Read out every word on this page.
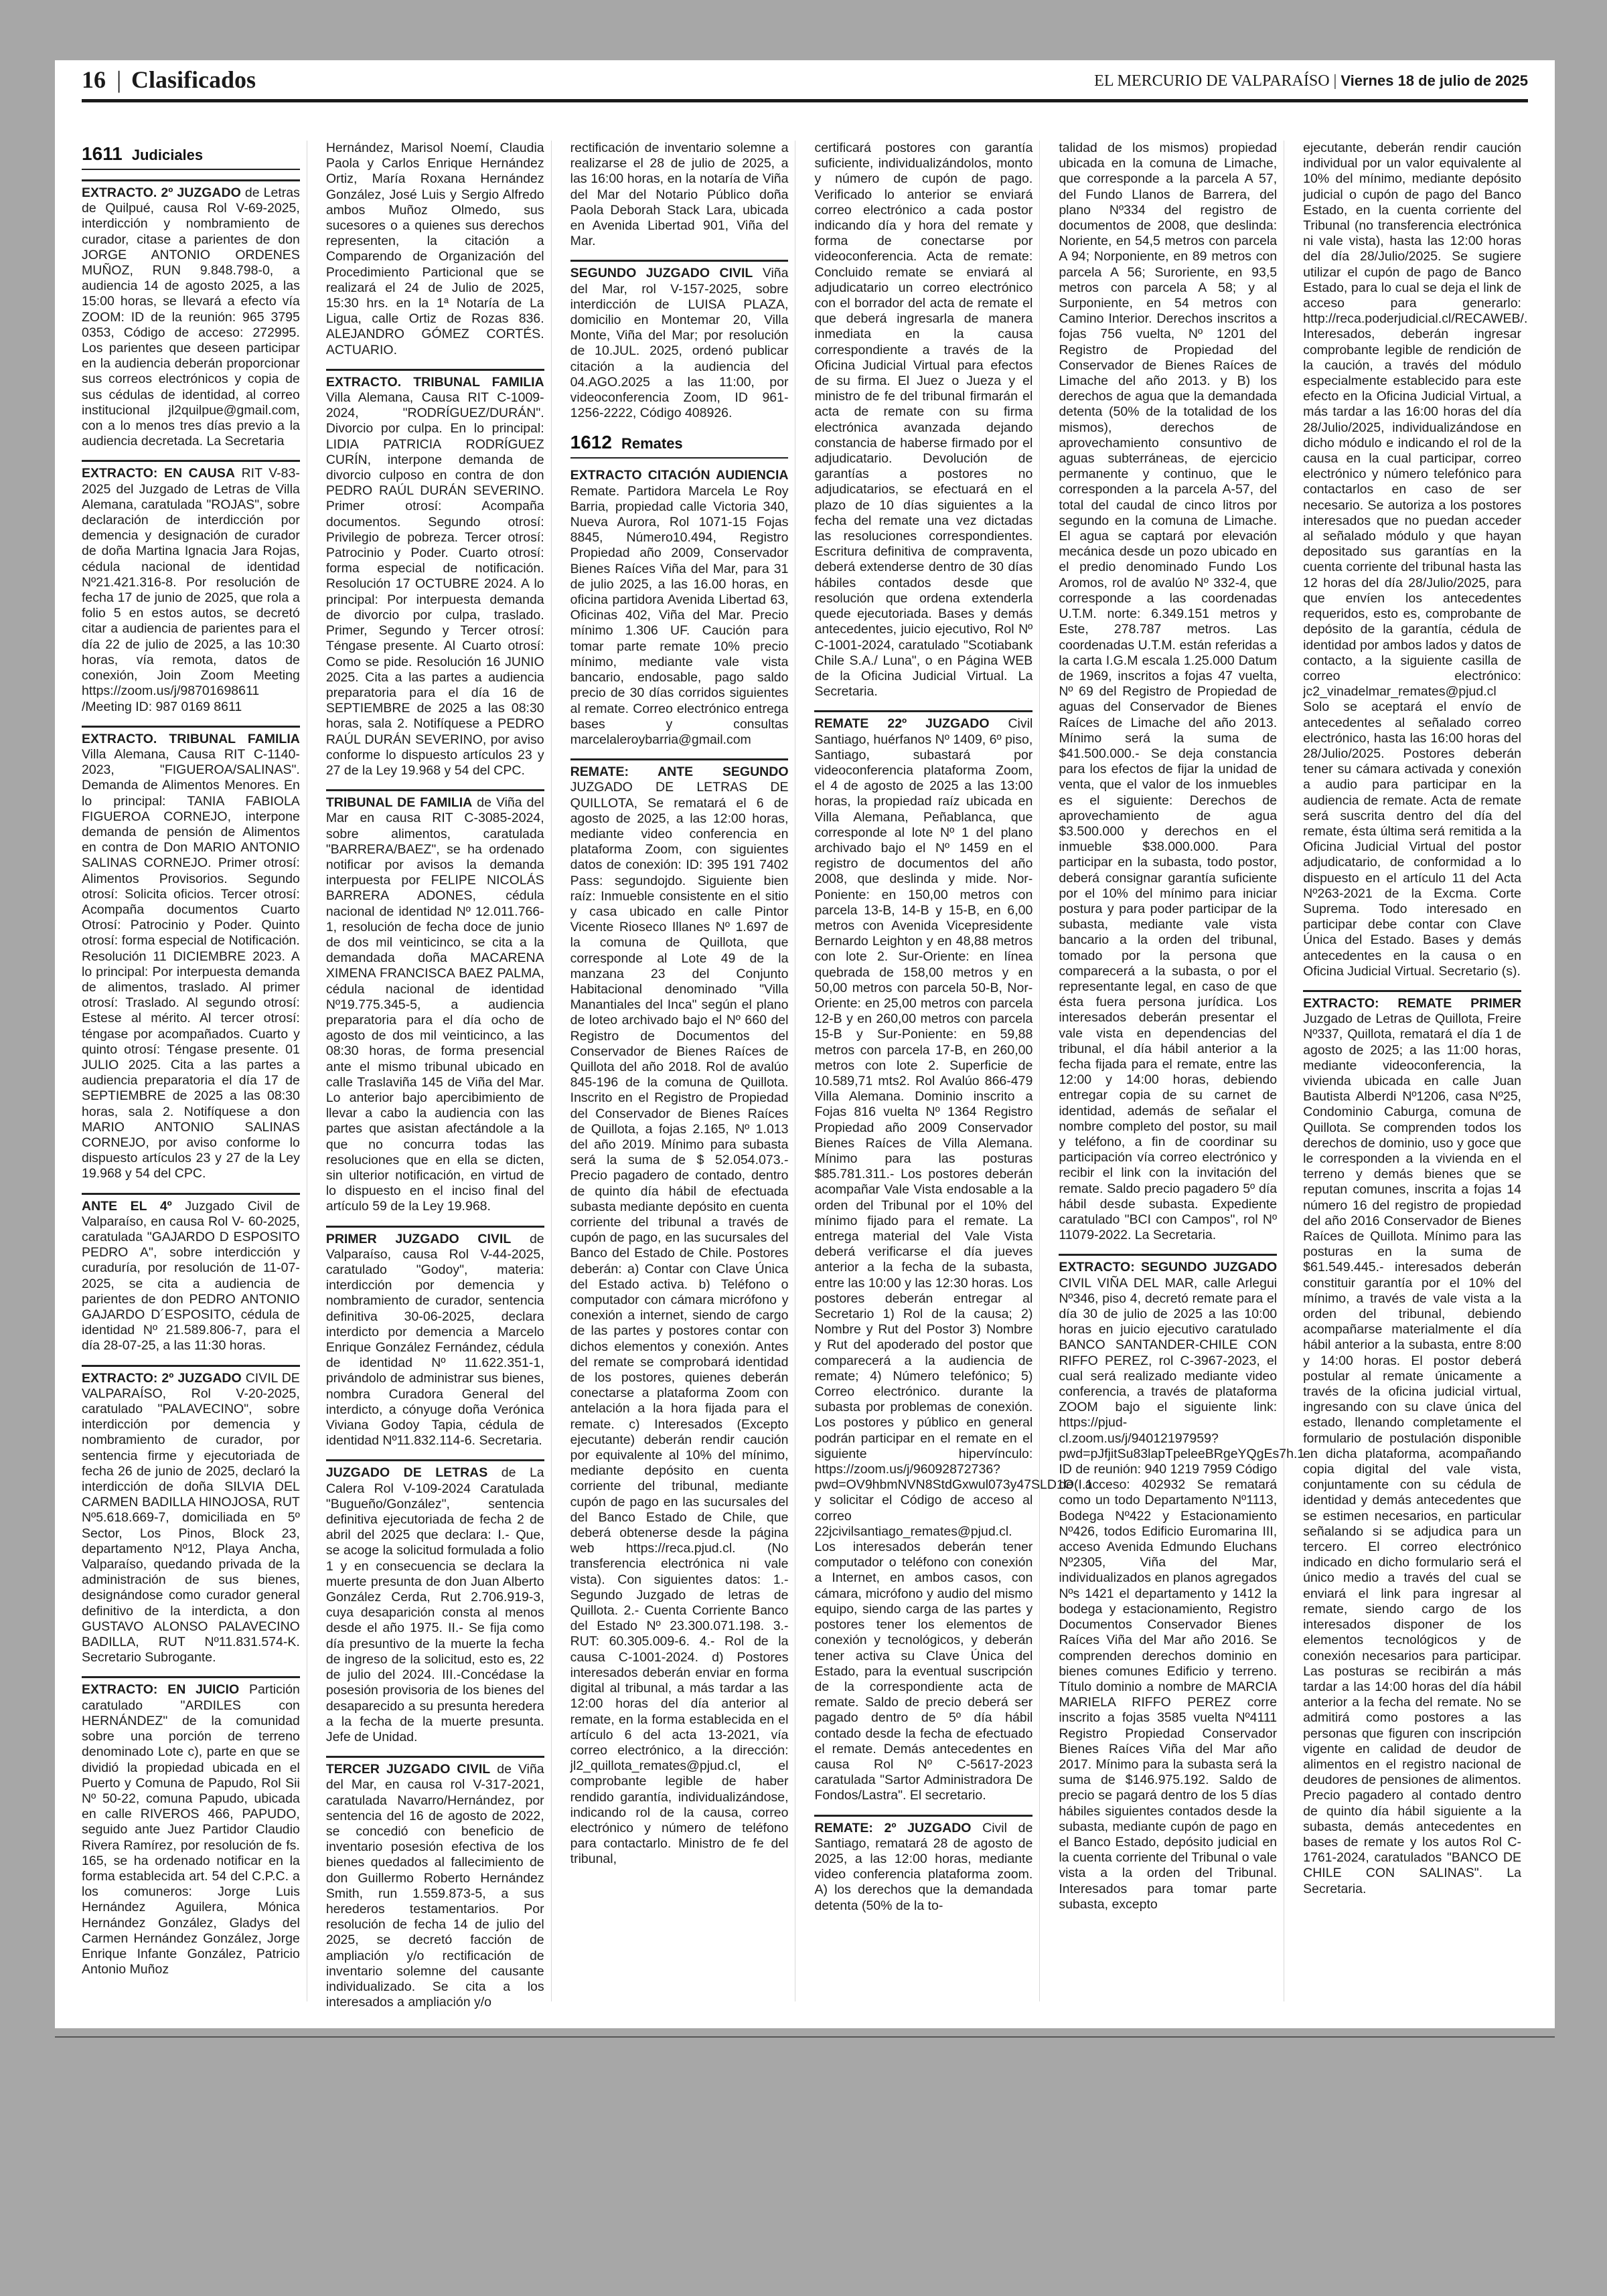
16 | Clasificados	EL MERCURIO DE VALPARAÍSO | Viernes 18 de julio de 2025
1611 Judiciales

EXTRACTO. 2º JUZGADO de Letras de Quilpué, causa Rol V-69-2025, interdicción y nombramiento de curador, citase a parientes de don JORGE ANTONIO ORDENES MUÑOZ, RUN 9.848.798-0, a audiencia 14 de agosto 2025, a las 15:00 horas, se llevará a efecto vía ZOOM: ID de la reunión: 965 3795 0353, Código de acceso: 272995. Los parientes que deseen participar en la audiencia deberán proporcionar sus correos electrónicos y copia de sus cédulas de identidad, al correo institucional jl2quilpue@gmail.com, con a lo menos tres días previo a la audiencia decretada. La Secretaria

EXTRACTO: EN CAUSA RIT V-83-2025 del Juzgado de Letras de Villa Alemana, caratulada "ROJAS", sobre declaración de interdicción por demencia y designación de curador de doña Martina Ignacia Jara Rojas, cédula nacional de identidad Nº21.421.316-8. Por resolución de fecha 17 de junio de 2025, que rola a folio 5 en estos autos, se decretó citar a audiencia de parientes para el día 22 de julio de 2025, a las 10:30 horas, vía remota, datos de conexión, Join Zoom Meeting https://zoom.us/j/98701698611 /Meeting ID: 987 0169 8611

EXTRACTO. TRIBUNAL FAMILIA Villa Alemana, Causa RIT C-1140-2023, "FIGUEROA/SALINAS". Demanda de Alimentos Menores. En lo principal: TANIA FABIOLA FIGUEROA CORNEJO, interpone demanda de pensión de Alimentos en contra de Don MARIO ANTONIO SALINAS CORNEJO. Primer otrosí: Alimentos Provisorios. Segundo otrosí: Solicita oficios. Tercer otrosí: Acompaña documentos Cuarto Otrosí: Patrocinio y Poder. Quinto otrosí: forma especial de Notificación. Resolución 11 DICIEMBRE 2023. A lo principal: Por interpuesta demanda de alimentos, traslado. Al primer otrosí: Traslado. Al segundo otrosí: Estese al mérito. Al tercer otrosí: téngase por acompañados. Cuarto y quinto otrosí: Téngase presente. 01 JULIO 2025. Cita a las partes a audiencia preparatoria el día 17 de SEPTIEMBRE de 2025 a las 08:30 horas, sala 2. Notifíquese a don MARIO ANTONIO SALINAS CORNEJO, por aviso conforme lo dispuesto artículos 23 y 27 de la Ley 19.968 y 54 del CPC.

ANTE EL 4º Juzgado Civil de Valparaíso, en causa Rol V- 60-2025, caratulada "GAJARDO D ESPOSITO PEDRO A", sobre interdicción y curaduría, por resolución de 11-07-2025, se cita a audiencia de parientes de don PEDRO ANTONIO GAJARDO D´ESPOSITO, cédula de identidad Nº 21.589.806-7, para el día 28-07-25, a las 11:30 horas.

EXTRACTO: 2º JUZGADO CIVIL DE VALPARAÍSO, Rol V-20-2025, caratulado "PALAVECINO", sobre interdicción por demencia y nombramiento de curador, por sentencia firme y ejecutoriada de fecha 26 de junio de 2025, declaró la interdicción de doña SILVIA DEL CARMEN BADILLA HINOJOSA, RUT Nº5.618.669-7, domiciliada en 5º Sector, Los Pinos, Block 23, departamento Nº12, Playa Ancha, Valparaíso, quedando privada de la administración de sus bienes, designándose como curador general definitivo de la interdicta, a don GUSTAVO ALONSO PALAVECINO BADILLA, RUT Nº11.831.574-K. Secretario Subrogante.

EXTRACTO: EN JUICIO Partición caratulado "ARDILES con HERNÁNDEZ" de la comunidad sobre una porción de terreno denominado Lote c), parte en que se dividió la propiedad ubicada en el Puerto y Comuna de Papudo, Rol Sii Nº 50-22, comuna Papudo, ubicada en calle RIVEROS 466, PAPUDO, seguido ante Juez Partidor Claudio Rivera Ramírez, por resolución de fs. 165, se ha ordenado notificar en la forma establecida art. 54 del C.P.C. a los comuneros: Jorge Luis Hernández Aguilera, Mónica Hernández González, Gladys del Carmen Hernández González, Jorge Enrique Infante González, Patricio Antonio Muñoz

Hernández, Marisol Noemí, Claudia Paola y Carlos Enrique Hernández Ortiz, María Roxana Hernández González, José Luis y Sergio Alfredo ambos Muñoz Olmedo, sus sucesores o a quienes sus derechos representen, la citación a Comparendo de Organización del Procedimiento Particional que se realizará el 24 de Julio de 2025, 15:30 hrs. en la 1ª Notaría de La Ligua, calle Ortiz de Rozas 836. ALEJANDRO GÓMEZ CORTÉS. ACTUARIO.

EXTRACTO. TRIBUNAL FAMILIA Villa Alemana, Causa RIT C-1009-2024, "RODRÍGUEZ/DURÁN". Divorcio por culpa. En lo principal: LIDIA PATRICIA RODRÍGUEZ CURÍN, interpone demanda de divorcio culposo en contra de don PEDRO RAÚL DURÁN SEVERINO. Primer otrosí: Acompaña documentos. Segundo otrosí: Privilegio de pobreza. Tercer otrosí: Patrocinio y Poder. Cuarto otrosí: forma especial de notificación. Resolución 17 OCTUBRE 2024. A lo principal: Por interpuesta demanda de divorcio por culpa, traslado. Primer, Segundo y Tercer otrosí: Téngase presente. Al Cuarto otrosí: Como se pide. Resolución 16 JUNIO 2025. Cita a las partes a audiencia preparatoria para el día 16 de SEPTIEMBRE de 2025 a las 08:30 horas, sala 2. Notifíquese a PEDRO RAÚL DURÁN SEVERINO, por aviso conforme lo dispuesto artículos 23 y 27 de la Ley 19.968 y 54 del CPC.

TRIBUNAL DE FAMILIA de Viña del Mar en causa RIT C-3085-2024, sobre alimentos, caratulada "BARRERA/BAEZ", se ha ordenado notificar por avisos la demanda interpuesta por FELIPE NICOLÁS BARRERA ADONES, cédula nacional de identidad Nº 12.011.766-1, resolución de fecha doce de junio de dos mil veinticinco, se cita a la demandada doña MACARENA XIMENA FRANCISCA BAEZ PALMA, cédula nacional de identidad Nº19.775.345-5, a audiencia preparatoria para el día ocho de agosto de dos mil veinticinco, a las 08:30 horas, de forma presencial ante el mismo tribunal ubicado en calle Traslaviña 145 de Viña del Mar. Lo anterior bajo apercibimiento de llevar a cabo la audiencia con las partes que asistan afectándole a la que no concurra todas las resoluciones que en ella se dicten, sin ulterior notificación, en virtud de lo dispuesto en el inciso final del artículo 59 de la Ley 19.968.

PRIMER JUZGADO CIVIL de Valparaíso, causa Rol V-44-2025, caratulado "Godoy", materia: interdicción por demencia y nombramiento de curador, sentencia definitiva 30-06-2025, declara interdicto por demencia a Marcelo Enrique González Fernández, cédula de identidad Nº 11.622.351-1, privándolo de administrar sus bienes, nombra Curadora General del interdicto, a cónyuge doña Verónica Viviana Godoy Tapia, cédula de identidad Nº11.832.114-6. Secretaria.

JUZGADO DE LETRAS de La Calera Rol V-109-2024 Caratulada "Bugueño/González", sentencia definitiva ejecutoriada de fecha 2 de abril del 2025 que declara: I.- Que, se acoge la solicitud formulada a folio 1 y en consecuencia se declara la muerte presunta de don Juan Alberto González Cerda, Rut 2.706.919-3, cuya desaparición consta al menos desde el año 1975. II.- Se fija como día presuntivo de la muerte la fecha de ingreso de la solicitud, esto es, 22 de julio del 2024. III.-Concédase la posesión provisoria de los bienes del desaparecido a su presunta heredera a la fecha de la muerte presunta. Jefe de Unidad.

TERCER JUZGADO CIVIL de Viña del Mar, en causa rol V-317-2021, caratulada Navarro/Hernández, por sentencia del 16 de agosto de 2022, se concedió con beneficio de inventario posesión efectiva de los bienes quedados al fallecimiento de don Guillermo Roberto Hernández Smith, run 1.559.873-5, a sus herederos testamentarios. Por resolución de fecha 14 de julio del 2025, se decretó facción de ampliación y/o rectificación de inventario solemne del causante individualizado. Se cita a los interesados a ampliación y/o

rectificación de inventario solemne a realizarse el 28 de julio de 2025, a las 16:00 horas, en la notaría de Viña del Mar del Notario Público doña Paola Deborah Stack Lara, ubicada en Avenida Libertad 901, Viña del Mar.

SEGUNDO JUZGADO CIVIL Viña del Mar, rol V-157-2025, sobre interdicción de LUISA PLAZA, domicilio en Montemar 20, Villa Monte, Viña del Mar; por resolución de 10.JUL. 2025, ordenó publicar citación a la audiencia del 04.AGO.2025 a las 11:00, por videoconferencia Zoom, ID 961-1256-2222, Código 408926.

1612 Remates

EXTRACTO CITACIÓN AUDIENCIA Remate. Partidora Marcela Le Roy Barria, propiedad calle Victoria 340, Nueva Aurora, Rol 1071-15 Fojas 8845, Número10.494, Registro Propiedad año 2009, Conservador Bienes Raíces Viña del Mar, para 31 de julio 2025, a las 16.00 horas, en oficina partidora Avenida Libertad 63, Oficinas 402, Viña del Mar. Precio mínimo 1.306 UF. Caución para tomar parte remate 10% precio mínimo, mediante vale vista bancario, endosable, pago saldo precio de 30 días corridos siguientes al remate. Correo electrónico entrega bases y consultas marcelaleroybarria@gmail.com

REMATE: ANTE SEGUNDO JUZGADO DE LETRAS DE QUILLOTA, Se rematará el 6 de agosto de 2025, a las 12:00 horas, mediante video conferencia en plataforma Zoom, con siguientes datos de conexión: ID: 395 191 7402 Pass: segundojdo. Siguiente bien raíz: Inmueble consistente en el sitio y casa ubicado en calle Pintor Vicente Rioseco Illanes Nº 1.697 de la comuna de Quillota, que corresponde al Lote 49 de la manzana 23 del Conjunto Habitacional denominado "Villa Manantiales del Inca" según el plano de loteo archivado bajo el Nº 660 del Registro de Documentos del Conservador de Bienes Raíces de Quillota del año 2018. Rol de avalúo 845-196 de la comuna de Quillota. Inscrito en el Registro de Propiedad del Conservador de Bienes Raíces de Quillota, a fojas 2.165, Nº 1.013 del año 2019. Mínimo para subasta será la suma de $ 52.054.073.- Precio pagadero de contado, dentro de quinto día hábil de efectuada subasta mediante depósito en cuenta corriente del tribunal a través de cupón de pago, en las sucursales del Banco del Estado de Chile. Postores deberán: a) Contar con Clave Única del Estado activa. b) Teléfono o computador con cámara micrófono y conexión a internet, siendo de cargo de las partes y postores contar con dichos elementos y conexión. Antes del remate se comprobará identidad de los postores, quienes deberán conectarse a plataforma Zoom con antelación a la hora fijada para el remate. c) Interesados (Excepto ejecutante) deberán rendir caución por equivalente al 10% del mínimo, mediante depósito en cuenta corriente del tribunal, mediante cupón de pago en las sucursales del del Banco Estado de Chile, que deberá obtenerse desde la página web https://reca.pjud.cl. (No transferencia electrónica ni vale vista). Con siguientes datos: 1.- Segundo Juzgado de letras de Quillota. 2.- Cuenta Corriente Banco del Estado Nº 23.300.071.198. 3.- RUT: 60.305.009-6. 4.- Rol de la causa C-1001-2024. d) Postores interesados deberán enviar en forma digital al tribunal, a más tardar a las 12:00 horas del día anterior al remate, en la forma establecida en el artículo 6 del acta 13-2021, vía correo electrónico, a la dirección: jl2_quillota_remates@pjud.cl, el comprobante legible de haber rendido garantía, individualizándose, indicando rol de la causa, correo electrónico y número de teléfono para contactarlo. Ministro de fe del tribunal,

certificará postores con garantía suficiente, individualizándolos, monto y número de cupón de pago. Verificado lo anterior se enviará correo electrónico a cada postor indicando día y hora del remate y forma de conectarse por videoconferencia. Acta de remate: Concluido remate se enviará al adjudicatario un correo electrónico con el borrador del acta de remate el que deberá ingresarla de manera inmediata en la causa correspondiente a través de la Oficina Judicial Virtual para efectos de su firma. El Juez o Jueza y el ministro de fe del tribunal firmarán el acta de remate con su firma electrónica avanzada dejando constancia de haberse firmado por el adjudicatario. Devolución de garantías a postores no adjudicatarios, se efectuará en el plazo de 10 días siguientes a la fecha del remate una vez dictadas las resoluciones correspondientes. Escritura definitiva de compraventa, deberá extenderse dentro de 30 días hábiles contados desde que resolución que ordena extenderla quede ejecutoriada. Bases y demás antecedentes, juicio ejecutivo, Rol Nº C-1001-2024, caratulado "Scotiabank Chile S.A./ Luna", o en Página WEB de la Oficina Judicial Virtual. La Secretaria.

REMATE 22º JUZGADO Civil Santiago, huérfanos Nº 1409, 6º piso, Santiago, subastará por videoconferencia plataforma Zoom, el 4 de agosto de 2025 a las 13:00 horas, la propiedad raíz ubicada en Villa Alemana, Peñablanca, que corresponde al lote Nº 1 del plano archivado bajo el Nº 1459 en el registro de documentos del año 2008, que deslinda y mide. Nor-Poniente: en 150,00 metros con parcela 13-B, 14-B y 15-B, en 6,00 metros con Avenida Vicepresidente Bernardo Leighton y en 48,88 metros con lote 2. Sur-Oriente: en línea quebrada de 158,00 metros y en 50,00 metros con parcela 50-B, Nor-Oriente: en 25,00 metros con parcela 12-B y en 260,00 metros con parcela 15-B y Sur-Poniente: en 59,88 metros con parcela 17-B, en 260,00 metros con lote 2. Superficie de 10.589,71 mts2. Rol Avalúo 866-479 Villa Alemana. Dominio inscrito a Fojas 816 vuelta Nº 1364 Registro Propiedad año 2009 Conservador Bienes Raíces de Villa Alemana. Mínimo para las posturas $85.781.311.- Los postores deberán acompañar Vale Vista endosable a la orden del Tribunal por el 10% del mínimo fijado para el remate. La entrega material del Vale Vista deberá verificarse el día jueves anterior a la fecha de la subasta, entre las 10:00 y las 12:30 horas. Los postores deberán entregar al Secretario 1) Rol de la causa; 2) Nombre y Rut del Postor 3) Nombre y Rut del apoderado del postor que comparecerá a la audiencia de remate; 4) Número telefónico; 5) Correo electrónico. durante la subasta por problemas de conexión. Los postores y público en general podrán participar en el remate en el siguiente hipervínculo: https://zoom.us/j/96092872736?pwd=OV9hbmNVN8StdGxwul073y47SLD1O(I.1 y solicitar el Código de acceso al correo 22jcivilsantiago_remates@pjud.cl. Los interesados deberán tener computador o teléfono con conexión a Internet, en ambos casos, con cámara, micrófono y audio del mismo equipo, siendo carga de las partes y postores tener los elementos de conexión y tecnológicos, y deberán tener activa su Clave Única del Estado, para la eventual suscripción de la correspondiente acta de remate. Saldo de precio deberá ser pagado dentro de 5º día hábil contado desde la fecha de efectuado el remate. Demás antecedentes en causa Rol Nº C-5617-2023 caratulada "Sartor Administradora De Fondos/Lastra". El secretario.

REMATE: 2º JUZGADO Civil de Santiago, rematará 28 de agosto de 2025, a las 12:00 horas, mediante video conferencia plataforma zoom. A) los derechos que la demandada detenta (50% de la to-

talidad de los mismos) propiedad ubicada en la comuna de Limache, que corresponde a la parcela A 57, del Fundo Llanos de Barrera, del plano Nº334 del registro de documentos de 2008, que deslinda: Noriente, en 54,5 metros con parcela A 94; Norponiente, en 89 metros con parcela A 56; Suroriente, en 93,5 metros con parcela A 58; y al Surponiente, en 54 metros con Camino Interior. Derechos inscritos a fojas 756 vuelta, Nº 1201 del Registro de Propiedad del Conservador de Bienes Raíces de Limache del año 2013. y B) los derechos de agua que la demandada detenta (50% de la totalidad de los mismos), derechos de aprovechamiento consuntivo de aguas subterráneas, de ejercicio permanente y continuo, que le corresponden a la parcela A-57, del total del caudal de cinco litros por segundo en la comuna de Limache. El agua se captará por elevación mecánica desde un pozo ubicado en el predio denominado Fundo Los Aromos, rol de avalúo Nº 332-4, que corresponde a las coordenadas U.T.M. norte: 6.349.151 metros y Este, 278.787 metros. Las coordenadas U.T.M. están referidas a la carta I.G.M escala 1.25.000 Datum de 1969, inscritos a fojas 47 vuelta, Nº 69 del Registro de Propiedad de aguas del Conservador de Bienes Raíces de Limache del año 2013. Mínimo será la suma de $41.500.000.- Se deja constancia para los efectos de fijar la unidad de venta, que el valor de los inmuebles es el siguiente: Derechos de aprovechamiento de agua $3.500.000 y derechos en el inmueble $38.000.000. Para participar en la subasta, todo postor, deberá consignar garantía suficiente por el 10% del mínimo para iniciar postura y para poder participar de la subasta, mediante vale vista bancario a la orden del tribunal, tomado por la persona que comparecerá a la subasta, o por el representante legal, en caso de que ésta fuera persona jurídica. Los interesados deberán presentar el vale vista en dependencias del tribunal, el día hábil anterior a la fecha fijada para el remate, entre las 12:00 y 14:00 horas, debiendo entregar copia de su carnet de identidad, además de señalar el nombre completo del postor, su mail y teléfono, a fin de coordinar su participación vía correo electrónico y recibir el link con la invitación del remate. Saldo precio pagadero 5º día hábil desde subasta. Expediente caratulado "BCI con Campos", rol Nº 11079-2022. La Secretaria.

EXTRACTO: SEGUNDO JUZGADO CIVIL VIÑA DEL MAR, calle Arlegui Nº346, piso 4, decretó remate para el día 30 de julio de 2025 a las 10:00 horas en juicio ejecutivo caratulado BANCO SANTANDER-CHILE CON RIFFO PEREZ, rol C-3967-2023, el cual será realizado mediante video conferencia, a través de plataforma ZOOM bajo el siguiente link: https://pjud-cl.zoom.us/j/94012197959?pwd=pJfjitSu83lapTpeleeBRgeYQgEs7h.1 ID de reunión: 940 1219 7959 Código de acceso: 402932 Se rematará como un todo Departamento Nº1113, Bodega Nº422 y Estacionamiento Nº426, todos Edificio Euromarina III, acceso Avenida Edmundo Eluchans Nº2305, Viña del Mar, individualizados en planos agregados Nºs 1421 el departamento y 1412 la bodega y estacionamiento, Registro Documentos Conservador Bienes Raíces Viña del Mar año 2016. Se comprenden derechos dominio en bienes comunes Edificio y terreno. Título dominio a nombre de MARCIA MARIELA RIFFO PEREZ corre inscrito a fojas 3585 vuelta Nº4111 Registro Propiedad Conservador Bienes Raíces Viña del Mar año 2017. Mínimo para la subasta será la suma de $146.975.192. Saldo de precio se pagará dentro de los 5 días hábiles siguientes contados desde la subasta, mediante cupón de pago en el Banco Estado, depósito judicial en la cuenta corriente del Tribunal o vale vista a la orden del Tribunal. Interesados para tomar parte subasta, excepto

ejecutante, deberán rendir caución individual por un valor equivalente al 10% del mínimo, mediante depósito judicial o cupón de pago del Banco Estado, en la cuenta corriente del Tribunal (no transferencia electrónica ni vale vista), hasta las 12:00 horas del día 28/Julio/2025. Se sugiere utilizar el cupón de pago de Banco Estado, para lo cual se deja el link de acceso para generarlo: http://reca.poderjudicial.cl/RECAWEB/. Interesados, deberán ingresar comprobante legible de rendición de la caución, a través del módulo especialmente establecido para este efecto en la Oficina Judicial Virtual, a más tardar a las 16:00 horas del día 28/Julio/2025, individualizándose en dicho módulo e indicando el rol de la causa en la cual participar, correo electrónico y número telefónico para contactarlos en caso de ser necesario. Se autoriza a los postores interesados que no puedan acceder al señalado módulo y que hayan depositado sus garantías en la cuenta corriente del tribunal hasta las 12 horas del día 28/Julio/2025, para que envíen los antecedentes requeridos, esto es, comprobante de depósito de la garantía, cédula de identidad por ambos lados y datos de contacto, a la siguiente casilla de correo electrónico: jc2_vinadelmar_remates@pjud.cl Solo se aceptará el envío de antecedentes al señalado correo electrónico, hasta las 16:00 horas del 28/Julio/2025. Postores deberán tener su cámara activada y conexión a audio para participar en la audiencia de remate. Acta de remate será suscrita dentro del día del remate, ésta última será remitida a la Oficina Judicial Virtual del postor adjudicatario, de conformidad a lo dispuesto en el artículo 11 del Acta Nº263-2021 de la Excma. Corte Suprema. Todo interesado en participar debe contar con Clave Única del Estado. Bases y demás antecedentes en la causa o en Oficina Judicial Virtual. Secretario (s).

EXTRACTO: REMATE PRIMER Juzgado de Letras de Quillota, Freire Nº337, Quillota, rematará el día 1 de agosto de 2025; a las 11:00 horas, mediante videoconferencia, la vivienda ubicada en calle Juan Bautista Alberdi Nº1206, casa Nº25, Condominio Caburga, comuna de Quillota. Se comprenden todos los derechos de dominio, uso y goce que le corresponden a la vivienda en el terreno y demás bienes que se reputan comunes, inscrita a fojas 14 número 16 del registro de propiedad del año 2016 Conservador de Bienes Raíces de Quillota. Mínimo para las posturas en la suma de $61.549.445.- interesados deberán constituir garantía por el 10% del mínimo, a través de vale vista a la orden del tribunal, debiendo acompañarse materialmente el día hábil anterior a la subasta, entre 8:00 y 14:00 horas. El postor deberá postular al remate únicamente a través de la oficina judicial virtual, ingresando con su clave única del estado, llenando completamente el formulario de postulación disponible en dicha plataforma, acompañando copia digital del vale vista, conjuntamente con su cédula de identidad y demás antecedentes que se estimen necesarios, en particular señalando si se adjudica para un tercero. El correo electrónico indicado en dicho formulario será el único medio a través del cual se enviará el link para ingresar al remate, siendo cargo de los interesados disponer de los elementos tecnológicos y de conexión necesarios para participar. Las posturas se recibirán a más tardar a las 14:00 horas del día hábil anterior a la fecha del remate. No se admitirá como postores a las personas que figuren con inscripción vigente en calidad de deudor de alimentos en el registro nacional de deudores de pensiones de alimentos. Precio pagadero al contado dentro de quinto día hábil siguiente a la subasta, demás antecedentes en bases de remate y los autos Rol C-1761-2024, caratulados "BANCO DE CHILE CON SALINAS". La Secretaria.
